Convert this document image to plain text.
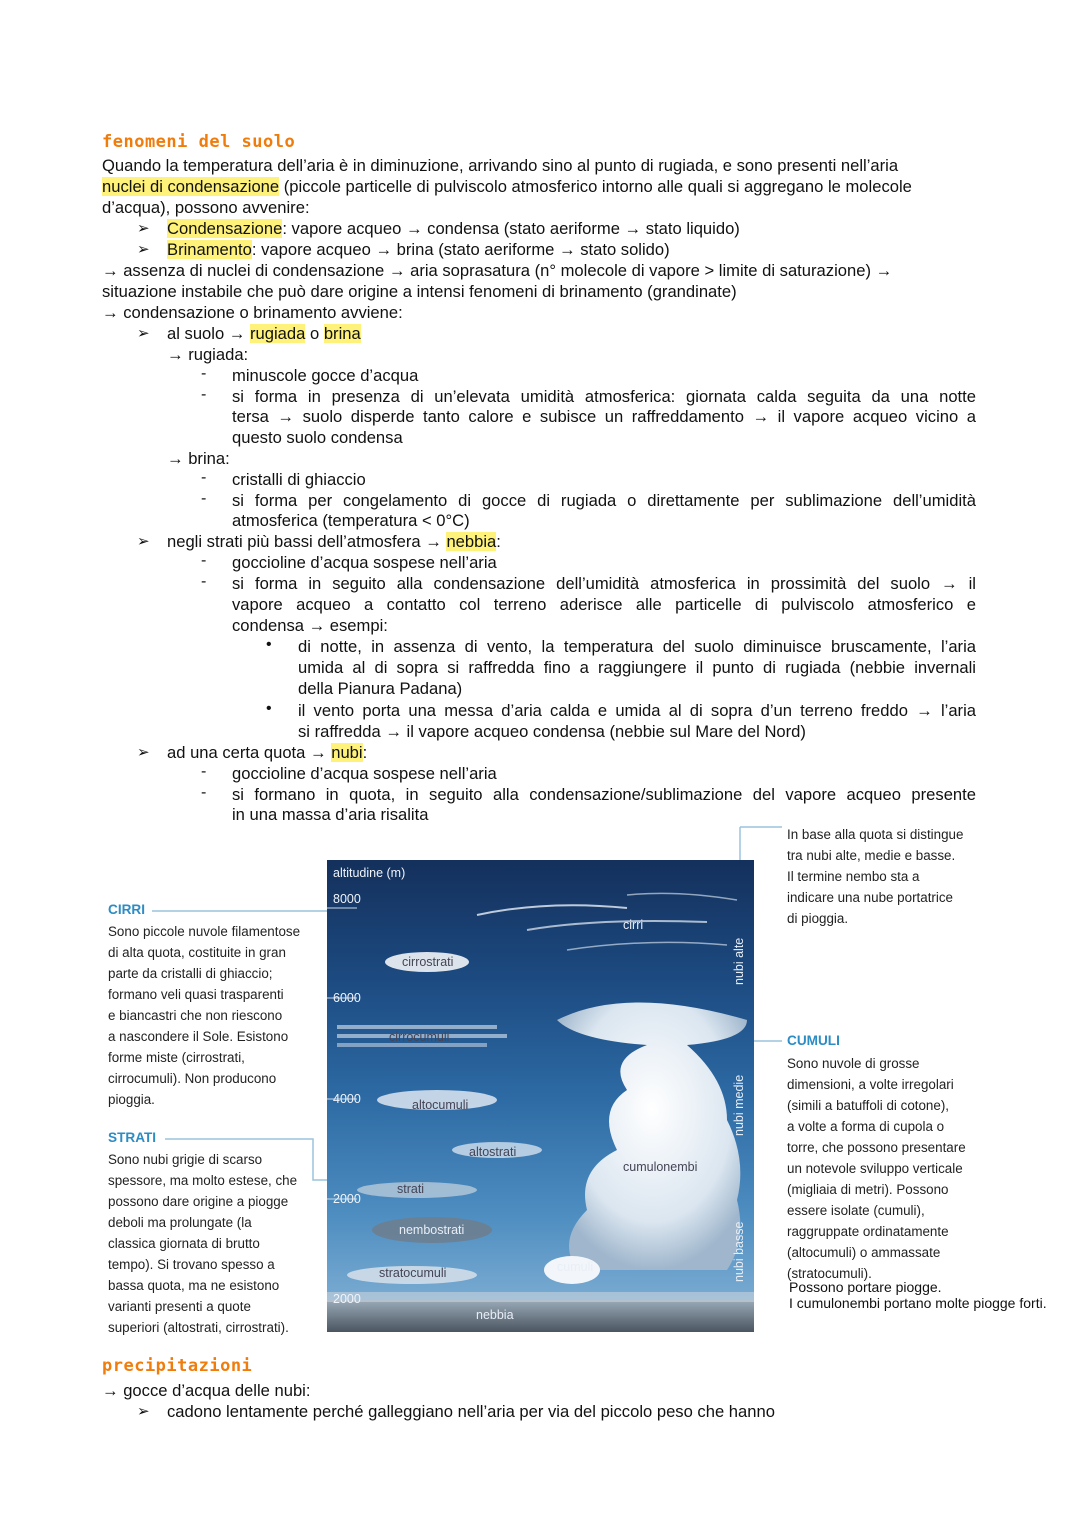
fenomeni del suolo
Quando la temperatura dell’aria è in diminuzione, arrivando sino al punto di rugiada, e sono presenti nell’aria
nuclei di condensazione (piccole particelle di pulviscolo atmosferico intorno alle quali si aggregano le molecole
d’acqua), possono avvenire:
➢ Condensazione: vapore acqueo → condensa (stato aeriforme → stato liquido)
➢ Brinamento: vapore acqueo → brina (stato aeriforme → stato solido)
→ assenza di nuclei di condensazione → aria soprasatura (n° molecole di vapore > limite di saturazione) →
situazione instabile che può dare origine a intensi fenomeni di brinamento (grandinate)
→ condensazione o brinamento avviene:
➢ al suolo → rugiada o brina
→ rugiada:
- minuscole gocce d’acqua
- si forma in presenza di un’elevata umidità atmosferica: giornata calda seguita da una notte
tersa → suolo disperde tanto calore e subisce un raffreddamento → il vapore acqueo vicino a
questo suolo condensa
→ brina:
- cristalli di ghiaccio
- si forma per congelamento di gocce di rugiada o direttamente per sublimazione dell’umidità
atmosferica (temperatura < 0°C)
➢ negli strati più bassi dell’atmosfera → nebbia:
- goccioline d’acqua sospese nell’aria
- si forma in seguito alla condensazione dell’umidità atmosferica in prossimità del suolo → il
vapore acqueo a contatto col terreno aderisce alle particelle di pulviscolo atmosferico e
condensa → esempi:
• di notte, in assenza di vento, la temperatura del suolo diminuisce bruscamente, l’aria
umida al di sopra si raffredda fino a raggiungere il punto di rugiada (nebbie invernali
della Pianura Padana)
• il vento porta una messa d’aria calda e umida al di sopra d’un terreno freddo → l’aria
si raffredda → il vapore acqueo condensa (nebbie sul Mare del Nord)
➢ ad una certa quota → nubi:
- goccioline d’acqua sospese nell’aria
- si formano in quota, in seguito alla condensazione/sublimazione del vapore acqueo presente
in una massa d’aria risalita
CIRRI
Sono piccole nuvole filamentose
di alta quota, costituite in gran
parte da cristalli di ghiaccio;
formano veli quasi trasparenti
e biancastri che non riescono
a nascondere il Sole. Esistono
forme miste (cirrostrati,
cirrocumuli). Non producono
pioggia.
STRATI
Sono nubi grigie di scarso
spessore, ma molto estese, che
possono dare origine a piogge
deboli ma prolungate (la
classica giornata di brutto
tempo). Si trovano spesso a
bassa quota, ma ne esistono
varianti presenti a quote
superiori (altostrati, cirrostrati).
altitudine (m)
8000
6000
4000
2000
2000
cirri
cirrostrati
cirrocumuli
altocumuli
altostrati
cumulonembi
strati
nembostrati
stratocumuli	cumuli
nebbia
nubi alte
nubi medie
nubi basse
In base alla quota si distingue
tra nubi alte, medie e basse.
Il termine nembo sta a
indicare una nube portatrice
di pioggia.
CUMULI
Sono nuvole di grosse
dimensioni, a volte irregolari
(simili a batuffoli di cotone),
a volte a forma di cupola o
torre, che possono presentare
un notevole sviluppo verticale
(migliaia di metri). Possono
essere isolate (cumuli),
raggruppate ordinatamente
(altocumuli) o ammassate
(stratocumuli).
Possono portare piogge.
I cumulonembi portano molte piogge forti.
precipitazioni
→ gocce d’acqua delle nubi:
➢ cadono lentamente perché galleggiano nell’aria per via del piccolo peso che hanno
